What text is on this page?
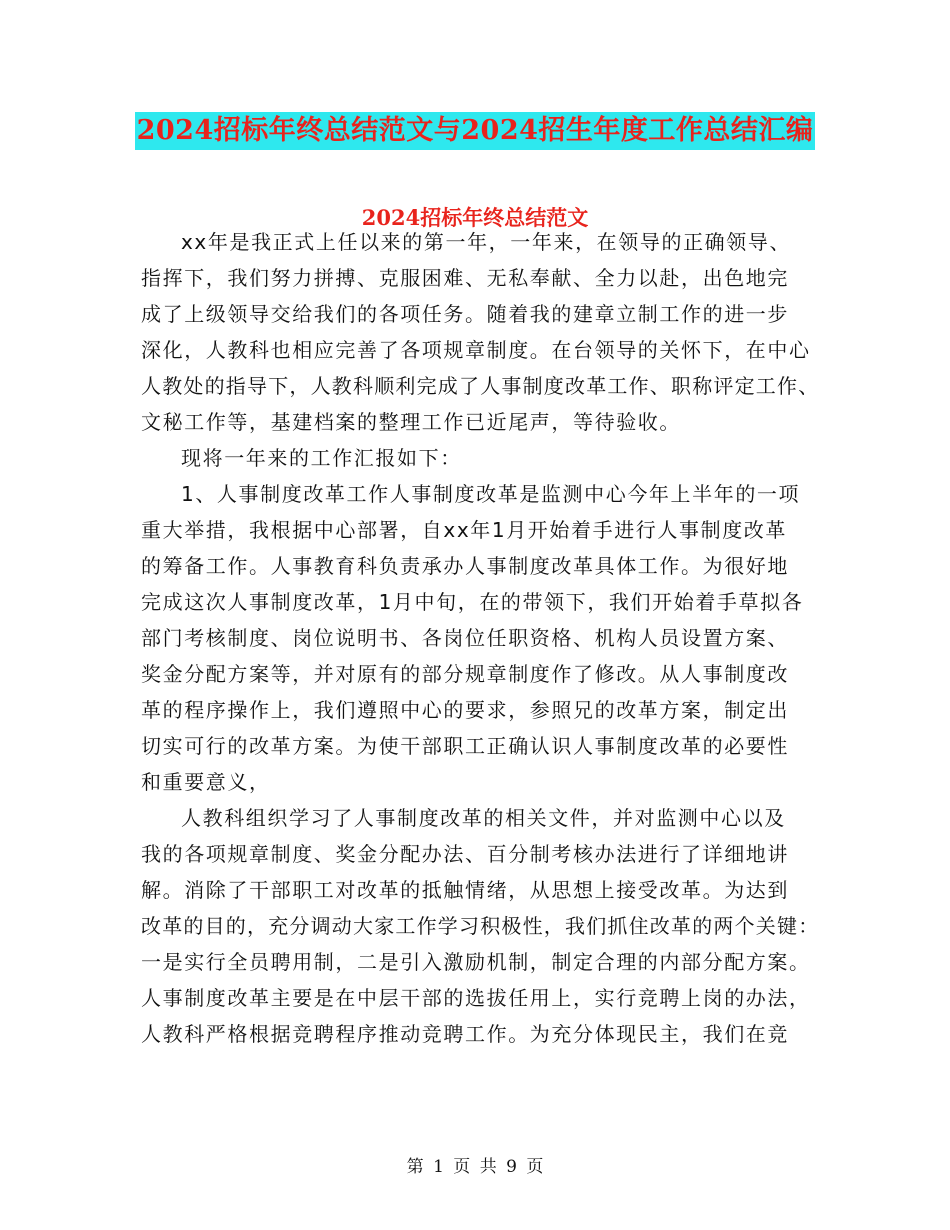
2024招标年终总结范文与2024招生年度工作总结汇编
2024招标年终总结范文
xx年是我正式上任以来的第一年，一年来，在领导的正确领导、
指挥下，我们努力拼搏、克服困难、无私奉献、全力以赴，出色地完
成了上级领导交给我们的各项任务。随着我的建章立制工作的进一步
深化，人教科也相应完善了各项规章制度。在台领导的关怀下，在中心
人教处的指导下，人教科顺利完成了人事制度改革工作、职称评定工作、
文秘工作等，基建档案的整理工作已近尾声，等待验收。
现将一年来的工作汇报如下：
1、人事制度改革工作人事制度改革是监测中心今年上半年的一项
重大举措，我根据中心部署，自xx年1月开始着手进行人事制度改革
的筹备工作。人事教育科负责承办人事制度改革具体工作。为很好地
完成这次人事制度改革，1月中旬，在的带领下，我们开始着手草拟各
部门考核制度、岗位说明书、各岗位任职资格、机构人员设置方案、
奖金分配方案等，并对原有的部分规章制度作了修改。从人事制度改
革的程序操作上，我们遵照中心的要求，参照兄的改革方案，制定出
切实可行的改革方案。为使干部职工正确认识人事制度改革的必要性
和重要意义，
人教科组织学习了人事制度改革的相关文件，并对监测中心以及
我的各项规章制度、奖金分配办法、百分制考核办法进行了详细地讲
解。消除了干部职工对改革的抵触情绪，从思想上接受改革。为达到
改革的目的，充分调动大家工作学习积极性，我们抓住改革的两个关键：
一是实行全员聘用制，二是引入激励机制，制定合理的内部分配方案。
人事制度改革主要是在中层干部的选拔任用上，实行竞聘上岗的办法，
人教科严格根据竞聘程序推动竞聘工作。为充分体现民主，我们在竞
第 1 页 共 9 页
